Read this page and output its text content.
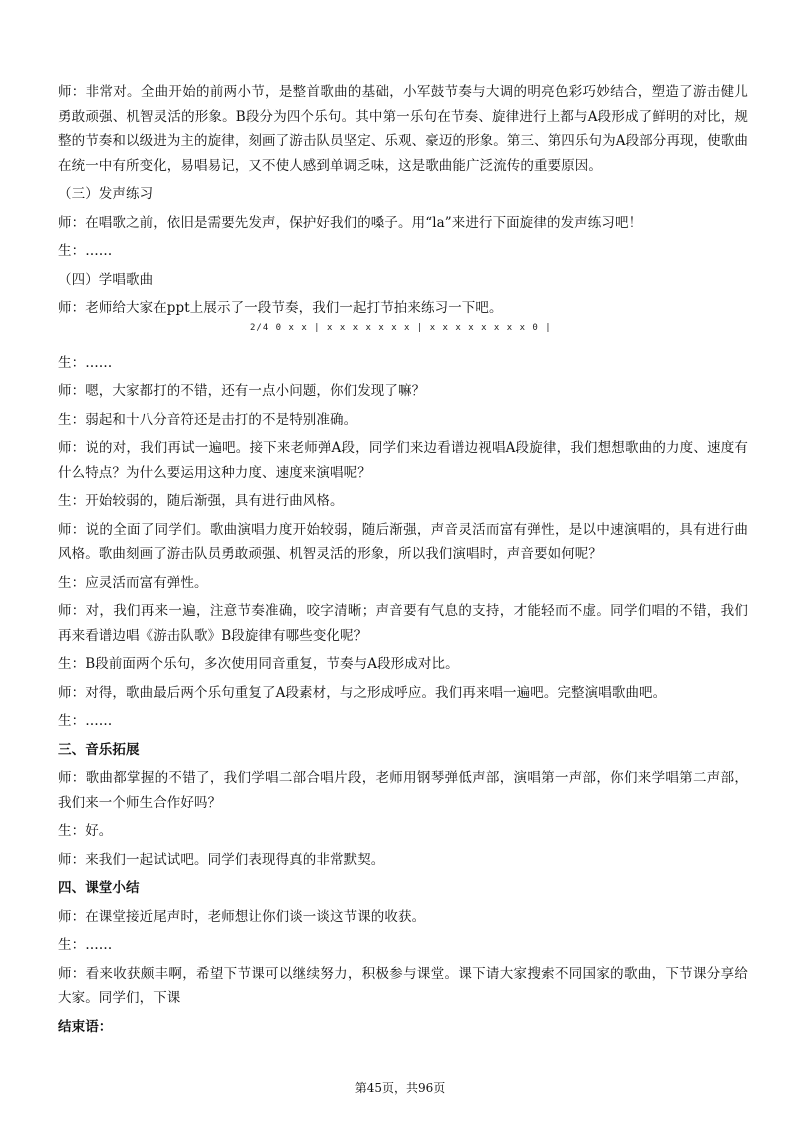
师：非常对。全曲开始的前两小节，是整首歌曲的基础，小军鼓节奏与大调的明亮色彩巧妙结合，塑造了游击健儿勇敢顽强、机智灵活的形象。B段分为四个乐句。其中第一乐句在节奏、旋律进行上都与A段形成了鲜明的对比，规整的节奏和以级进为主的旋律，刻画了游击队员坚定、乐观、豪迈的形象。第三、第四乐句为A段部分再现，使歌曲在统一中有所变化，易唱易记，又不使人感到单调乏味，这是歌曲能广泛流传的重要原因。

（三）发声练习

师：在唱歌之前，依旧是需要先发声，保护好我们的嗓子。用“la”来进行下面旋律的发声练习吧！

生：……

（四）学唱歌曲

师：老师给大家在ppt上展示了一段节奏，我们一起打节拍来练习一下吧。

2/4 0 x x | x x x x x x x | x x x x x x x x 0 |

生：……

师：嗯，大家都打的不错，还有一点小问题，你们发现了嘛？

生：弱起和十八分音符还是击打的不是特别准确。

师：说的对，我们再试一遍吧。接下来老师弹A段，同学们来边看谱边视唱A段旋律，我们想想歌曲的力度、速度有什么特点？为什么要运用这种力度、速度来演唱呢？

生：开始较弱的，随后渐强，具有进行曲风格。

师：说的全面了同学们。歌曲演唱力度开始较弱，随后渐强，声音灵活而富有弹性，是以中速演唱的，具有进行曲风格。歌曲刻画了游击队员勇敢顽强、机智灵活的形象，所以我们演唱时，声音要如何呢？

生：应灵活而富有弹性。

师：对，我们再来一遍，注意节奏准确，咬字清晰；声音要有气息的支持，才能轻而不虚。同学们唱的不错，我们再来看谱边唱《游击队歌》B段旋律有哪些变化呢？

生：B段前面两个乐句，多次使用同音重复，节奏与A段形成对比。

师：对得，歌曲最后两个乐句重复了A段素材，与之形成呼应。我们再来唱一遍吧。完整演唱歌曲吧。

生：……

三、音乐拓展

师：歌曲都掌握的不错了，我们学唱二部合唱片段，老师用钢琴弹低声部，演唱第一声部，你们来学唱第二声部，我们来一个师生合作好吗？

生：好。

师：来我们一起试试吧。同学们表现得真的非常默契。

四、课堂小结

师：在课堂接近尾声时，老师想让你们谈一谈这节课的收获。

生：……

师：看来收获颇丰啊，希望下节课可以继续努力，积极参与课堂。课下请大家搜索不同国家的歌曲，下节课分享给大家。同学们，下课

结束语：

第45页，共96页
